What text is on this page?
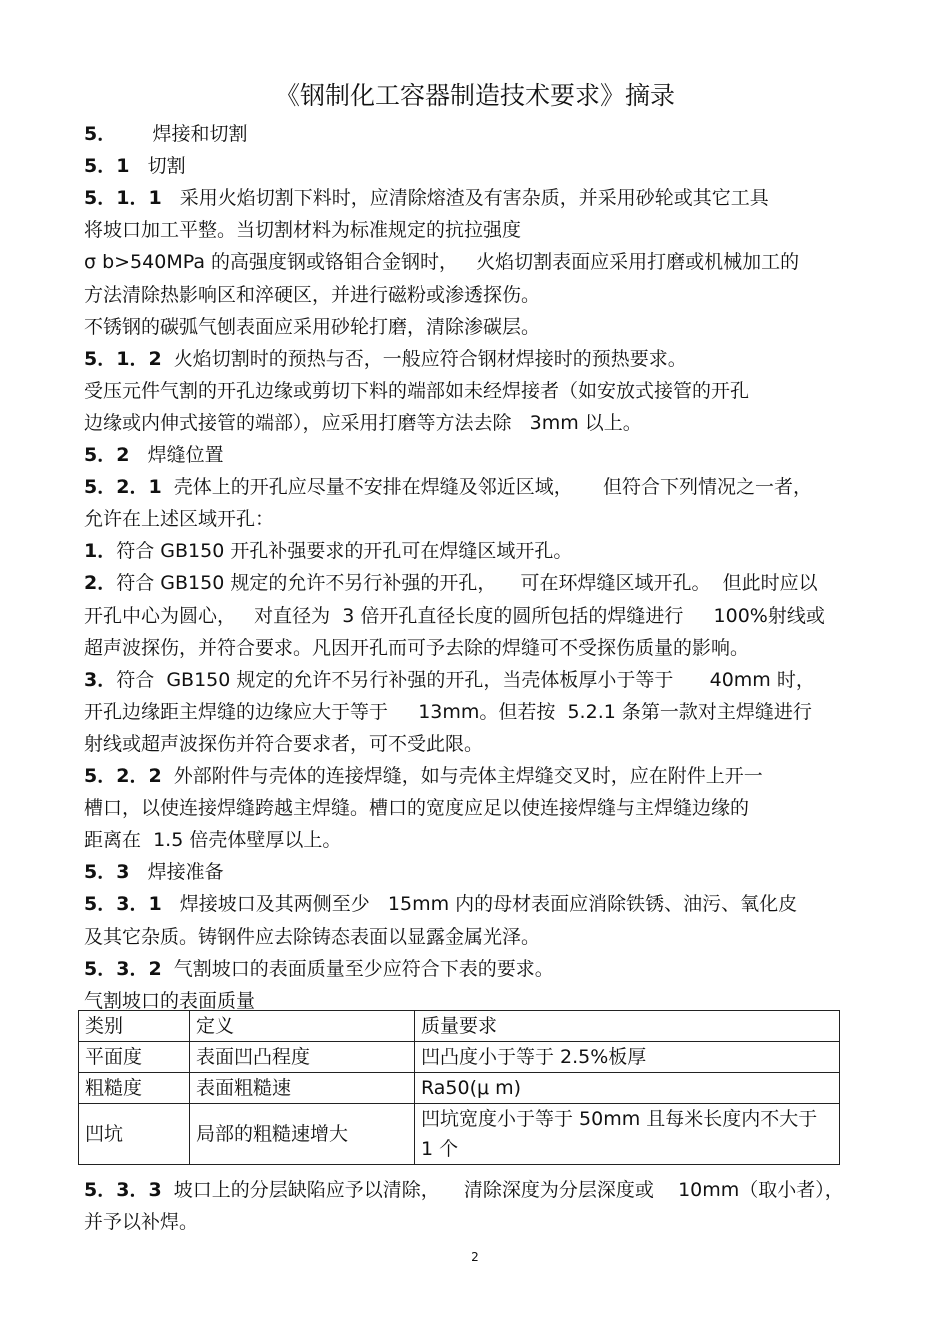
《钢制化工容器制造技术要求》摘录
5．      焊接和切割
5．1   切割
5．1．1   采用火焰切割下料时，应清除熔渣及有害杂质，并采用砂轮或其它工具
将坡口加工平整。当切割材料为标准规定的抗拉强度
σ b>540MPa 的高强度钢或铬钼合金钢时，   火焰切割表面应采用打磨或机械加工的
方法清除热影响区和淬硬区，并进行磁粉或渗透探伤。
不锈钢的碳弧气刨表面应采用砂轮打磨，清除渗碳层。
5．1．2  火焰切割时的预热与否，一般应符合钢材焊接时的预热要求。
受压元件气割的开孔边缘或剪切下料的端部如未经焊接者（如安放式接管的开孔
边缘或内伸式接管的端部），应采用打磨等方法去除   3mm 以上。
5．2   焊缝位置
5．2．1  壳体上的开孔应尽量不安排在焊缝及邻近区域，     但符合下列情况之一者，
允许在上述区域开孔：
1．符合 GB150 开孔补强要求的开孔可在焊缝区域开孔。
2．符合 GB150 规定的允许不另行补强的开孔，    可在环焊缝区域开孔。  但此时应以
开孔中心为圆心，   对直径为  3 倍开孔直径长度的圆所包括的焊缝进行     100%射线或
超声波探伤，并符合要求。凡因开孔而可予去除的焊缝可不受探伤质量的影响。
3．符合  GB150 规定的允许不另行补强的开孔，当壳体板厚小于等于      40mm 时，
开孔边缘距主焊缝的边缘应大于等于     13mm。但若按  5.2.1 条第一款对主焊缝进行
射线或超声波探伤并符合要求者，可不受此限。
5．2．2  外部附件与壳体的连接焊缝，如与壳体主焊缝交叉时，应在附件上开一
槽口，以使连接焊缝跨越主焊缝。槽口的宽度应足以使连接焊缝与主焊缝边缘的
距离在  1.5 倍壳体壁厚以上。
5．3   焊接准备
5．3．1   焊接坡口及其两侧至少   15mm 内的母材表面应消除铁锈、油污、氧化皮
及其它杂质。铸钢件应去除铸态表面以显露金属光泽。
5．3．2  气割坡口的表面质量至少应符合下表的要求。
气割坡口的表面质量
类别	定义	质量要求
平面度	表面凹凸程度	凹凸度小于等于 2.5%板厚
粗糙度	表面粗糙速	Ra50(μ m)
凹坑	局部的粗糙速增大	凹坑宽度小于等于 50mm 且每米长度内不大于 1 个
5．3．3  坡口上的分层缺陷应予以清除，    清除深度为分层深度或    10mm（取小者），
并予以补焊。
2
